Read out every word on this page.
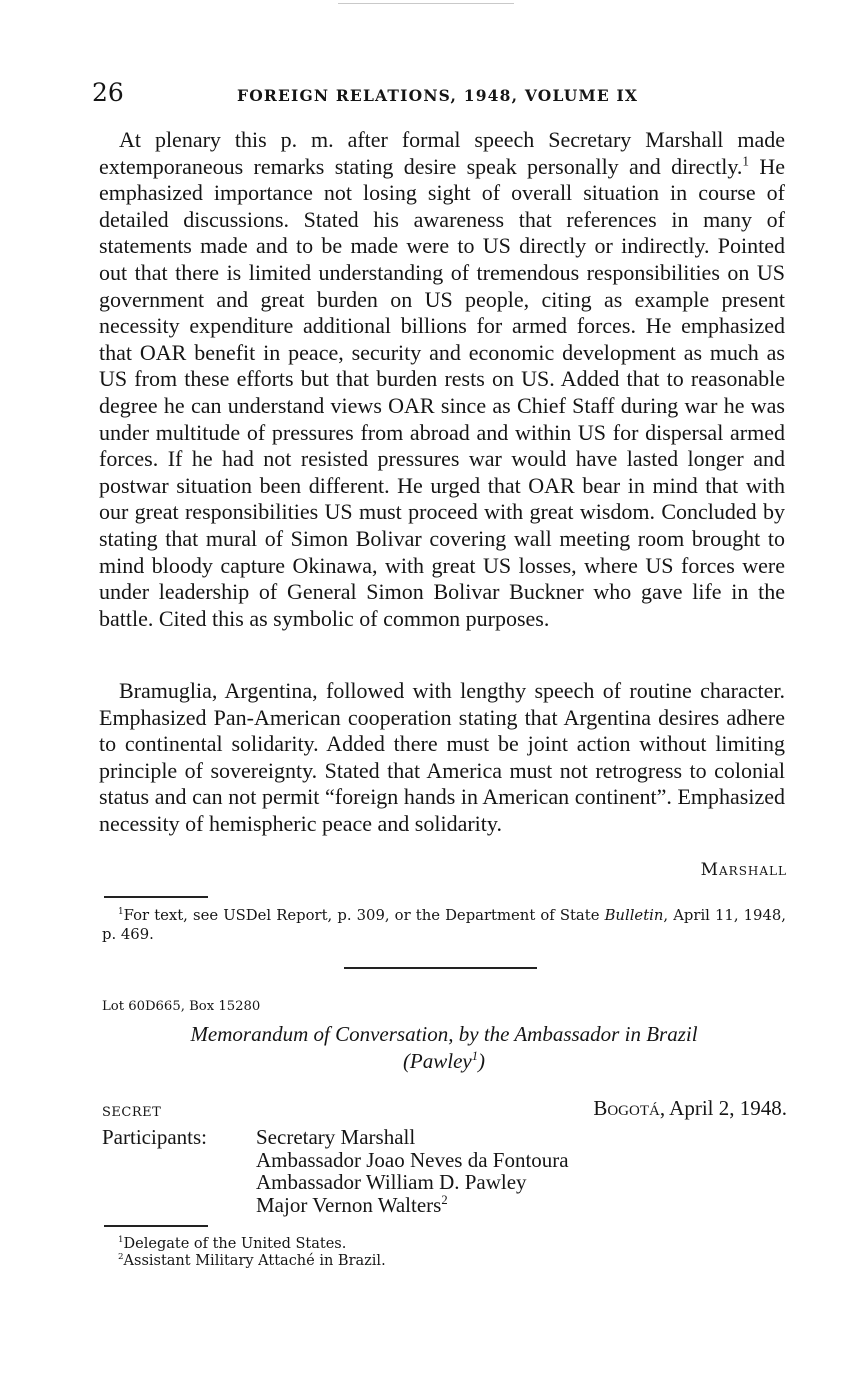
26	FOREIGN RELATIONS, 1948, VOLUME IX

At plenary this p. m. after formal speech Secretary Marshall made extemporaneous remarks stating desire speak personally and directly.$^1$ He emphasized importance not losing sight of overall situation in course of detailed discussions. Stated his awareness that references in many of statements made and to be made were to US directly or indirectly. Pointed out that there is limited understanding of tremendous responsibilities on US government and great burden on US people, citing as example present necessity expenditure additional billions for armed forces. He emphasized that OAR benefit in peace, security and economic development as much as US from these efforts but that burden rests on US. Added that to reasonable degree he can understand views OAR since as Chief Staff during war he was under multitude of pressures from abroad and within US for dispersal armed forces. If he had not resisted pressures war would have lasted longer and postwar situation been different. He urged that OAR bear in mind that with our great responsibilities US must proceed with great wisdom. Concluded by stating that mural of Simon Bolivar covering wall meeting room brought to mind bloody capture Okinawa, with great US losses, where US forces were under leadership of General Simon Bolivar Buckner who gave life in the battle. Cited this as symbolic of common purposes.

Bramuglia, Argentina, followed with lengthy speech of routine character. Emphasized Pan-American cooperation stating that Argentina desires adhere to continental solidarity. Added there must be joint action without limiting principle of sovereignty. Stated that America must not retrogress to colonial status and can not permit “foreign hands in American continent”. Emphasized necessity of hemispheric peace and solidarity.

Marshall
$^1$For text, see USDel Report, p. 309, or the Department of State Bulletin, April 11, 1948, p. 469.
Lot 60D665, Box 15280
Memorandum of Conversation, by the Ambassador in Brazil (Pawley$^1$)
SECRET	Bogotá, April 2, 1948.
Participants:	Secretary Marshall
Ambassador Joao Neves da Fontoura
Ambassador William D. Pawley
Major Vernon Walters$^2$
$^1$Delegate of the United States.
$^2$Assistant Military Attaché in Brazil.
